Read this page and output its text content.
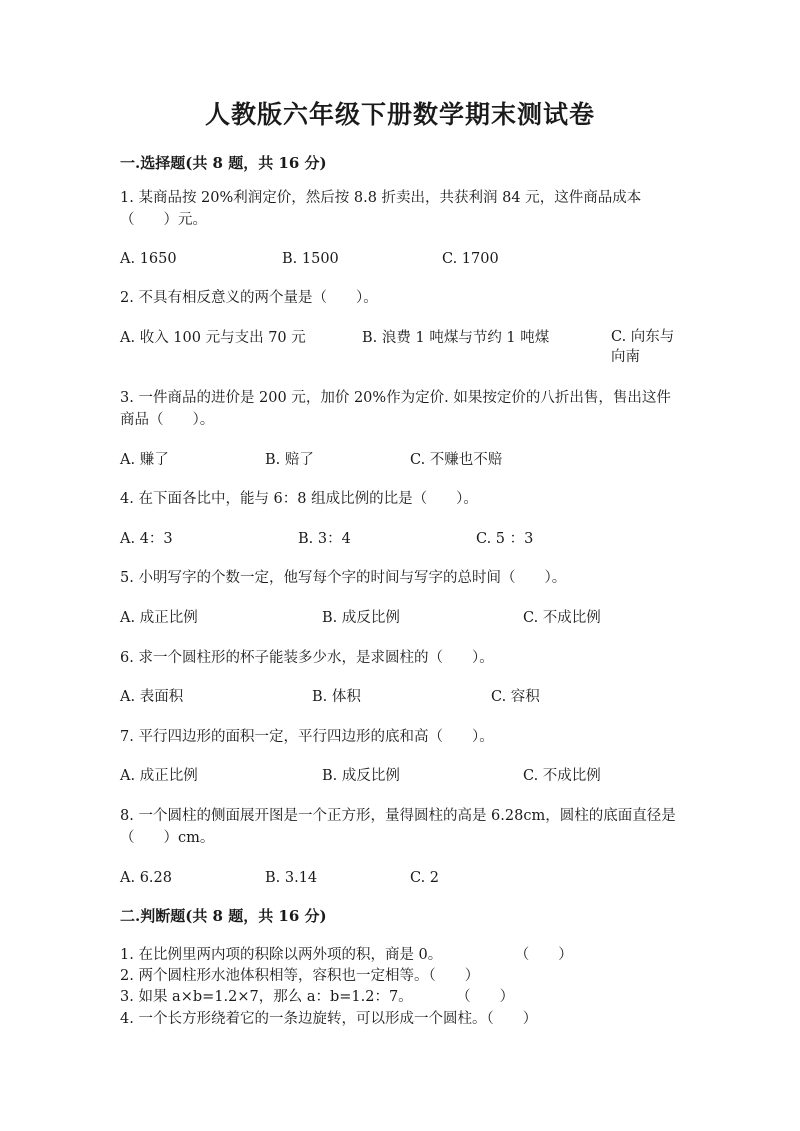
人教版六年级下册数学期末测试卷
一.选择题(共 8 题，共 16 分)
1. 某商品按 20%利润定价，然后按 8.8 折卖出，共获利润 84 元，这件商品成本（　　）元。
A. 1650	B. 1500	C. 1700
2. 不具有相反意义的两个量是（　　）。
A. 收入 100 元与支出 70 元	B. 浪费 1 吨煤与节约 1 吨煤	C. 向东与向南
3. 一件商品的进价是 200 元，加价 20%作为定价. 如果按定价的八折出售，售出这件商品（　　）。
A. 赚了	B. 赔了	C. 不赚也不赔
4. 在下面各比中，能与 6：8 组成比例的比是（　　）。
A. 4：3	B. 3：4	C. 5 ：3
5. 小明写字的个数一定，他写每个字的时间与写字的总时间（　　）。
A. 成正比例	B. 成反比例	C. 不成比例
6. 求一个圆柱形的杯子能装多少水，是求圆柱的（　　）。
A. 表面积	B. 体积	C. 容积
7. 平行四边形的面积一定，平行四边形的底和高（　　）。
A. 成正比例	B. 成反比例	C. 不成比例
8. 一个圆柱的侧面展开图是一个正方形，量得圆柱的高是 6.28cm，圆柱的底面直径是（　　）cm。
A. 6.28	B. 3.14	C. 2
二.判断题(共 8 题，共 16 分)
1. 在比例里两内项的积除以两外项的积，商是 0。　　　　　　（　　）
2. 两个圆柱形水池体积相等，容积也一定相等。（　　）
3. 如果 a×b=1.2×7，那么 a：b=1.2：7。　　　　（　　）
4. 一个长方形绕着它的一条边旋转，可以形成一个圆柱。（　　）
